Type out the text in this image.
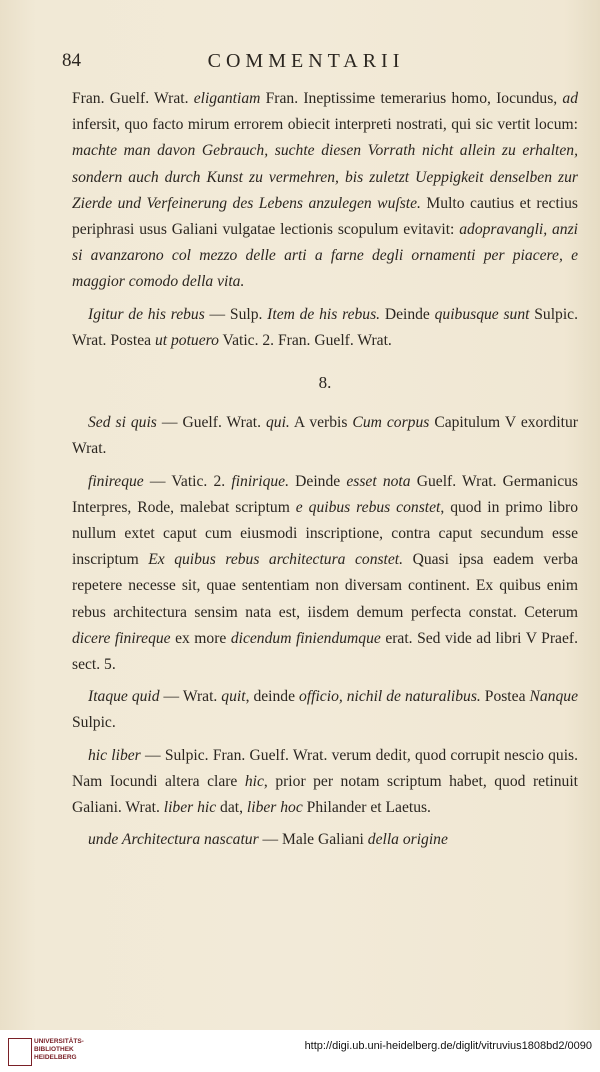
84	COMMENTARII

Fran. Guelf. Wrat. eligantiam Fran. Ineptissime temerarius homo, Iocundus, ad infersit, quo facto mirum errorem obiecit interpreti nostrati, qui sic vertit locum: machte man davon Gebrauch, suchte diesen Vorrath nicht allein zu erhalten, sondern auch durch Kunst zu vermehren, bis zuletzt Ueppigkeit denselben zur Zierde und Verfeinerung des Lebens anzulegen wuſste. Multo cautius et rectius periphrasi usus Galiani vulgatae lectionis scopulum evitavit: adopravangli, anzi si avanzarono col mezzo delle arti a farne degli ornamenti per piacere, e maggior comodo della vita.

Igitur de his rebus — Sulp. Item de his rebus. Deinde quibusque sunt Sulpic. Wrat. Postea ut potuero Vatic. 2. Fran. Guelf. Wrat.

8.

Sed si quis — Guelf. Wrat. qui. A verbis Cum corpus Capitulum V exorditur Wrat.

finireque — Vatic. 2. finirique. Deinde esset nota Guelf. Wrat. Germanicus Interpres, Rode, malebat scriptum e quibus rebus constet, quod in primo libro nullum extet caput cum eiusmodi inscriptione, contra caput secundum esse inscriptum Ex quibus rebus architectura constet. Quasi ipsa eadem verba repetere necesse sit, quae sententiam non diversam continent. Ex quibus enim rebus architectura sensim nata est, iisdem demum perfecta constat. Ceterum dicere finireque ex more dicendum finiendumque erat. Sed vide ad libri V Praef. sect. 5.

Itaque quid — Wrat. quit, deinde officio, nichil de naturalibus. Postea Nanque Sulpic.

hic liber — Sulpic. Fran. Guelf. Wrat. verum dedit, quod corrupit nescio quis. Nam Iocundi altera clare hic, prior per notam scriptum habet, quod retinuit Galiani. Wrat. liber hic dat, liber hoc Philander et Laetus.

unde Architectura nascatur — Male Galiani della origine

UNIVERSITÄTS-BIBLIOTHEK HEIDELBERG
http://digi.ub.uni-heidelberg.de/diglit/vitruvius1808bd2/0090
